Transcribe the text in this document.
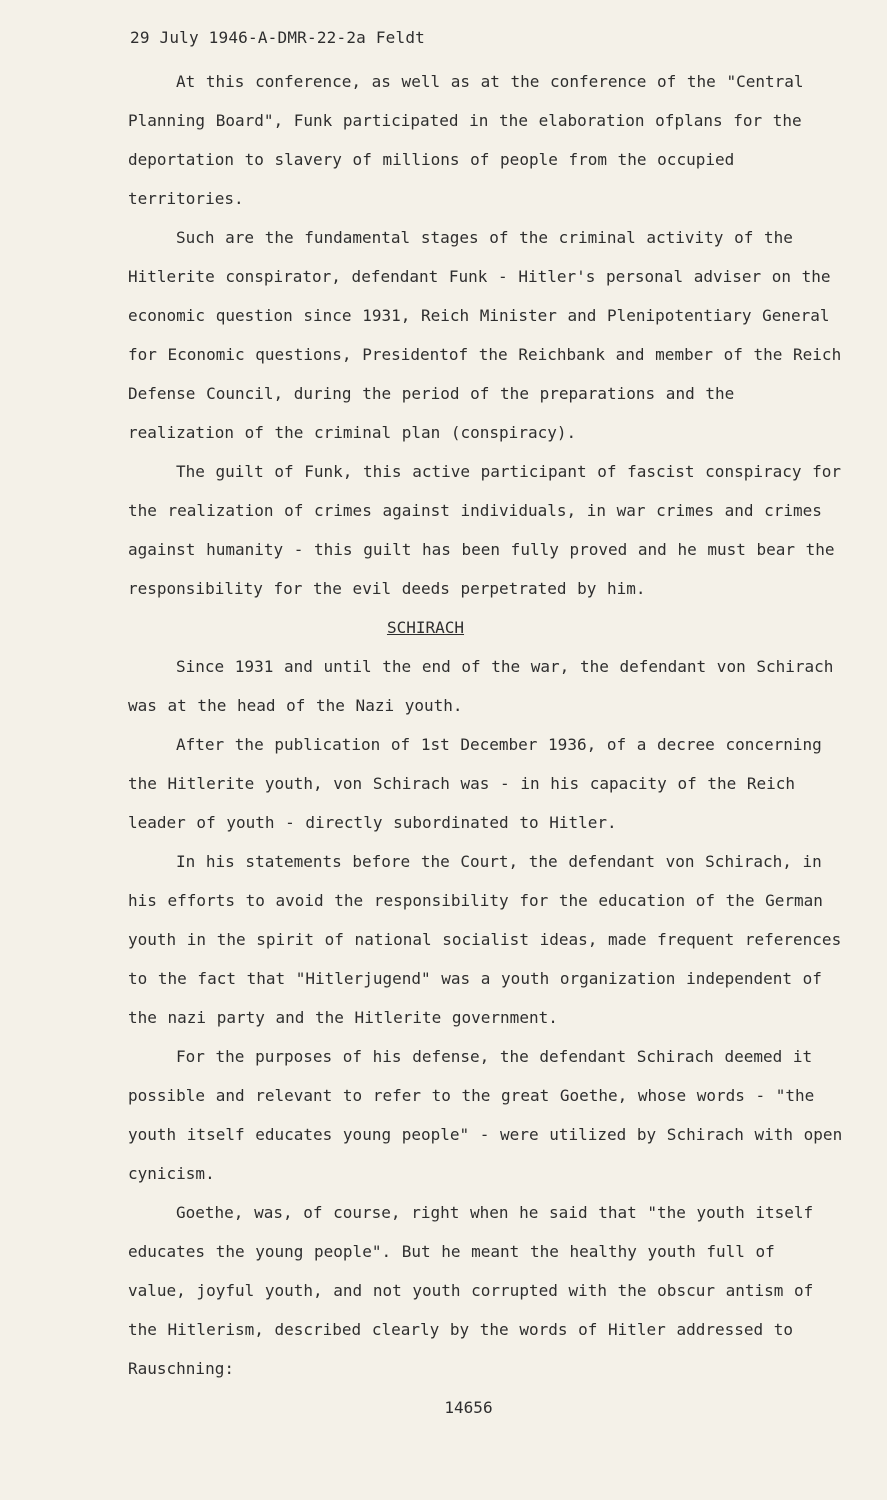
29 July 1946-A-DMR-22-2a Feldt

At this conference, as well as at the conference of the "Central Planning Board", Funk participated in the elaboration ofplans for the deportation to slavery of millions of people from the occupied territories.

Such are the fundamental stages of the criminal activity of the Hitlerite conspirator, defendant Funk - Hitler's personal adviser on the economic question since 1931, Reich Minister and Plenipotentiary General for Economic questions, Presidentof the Reichbank and member of the Reich Defense Council, during the period of the preparations and the realization of the criminal plan (conspiracy).

The guilt of Funk, this active participant of fascist conspiracy for the realization of crimes against individuals, in war crimes and crimes against humanity - this guilt has been fully proved and he must bear the responsibility for the evil deeds perpetrated by him.

SCHIRACH

Since 1931 and until the end of the war, the defendant von Schirach was at the head of the Nazi youth.

After the publication of 1st December 1936, of a decree concerning the Hitlerite youth, von Schirach was - in his capacity of the Reich leader of youth - directly subordinated to Hitler.

In his statements before the Court, the defendant von Schirach, in his efforts to avoid the responsibility for the education of the German youth in the spirit of national socialist ideas, made frequent references to the fact that "Hitlerjugend" was a youth organization independent of the nazi party and the Hitlerite government.

For the purposes of his defense, the defendant Schirach deemed it possible and relevant to refer to the great Goethe, whose words - "the youth itself educates young people" - were utilized by Schirach with open cynicism.

Goethe, was, of course, right when he said that "the youth itself educates the young people". But he meant the healthy youth full of value, joyful youth, and not youth corrupted with the obscur antism of the Hitlerism, described clearly by the words of Hitler addressed to Rauschning:

14656
